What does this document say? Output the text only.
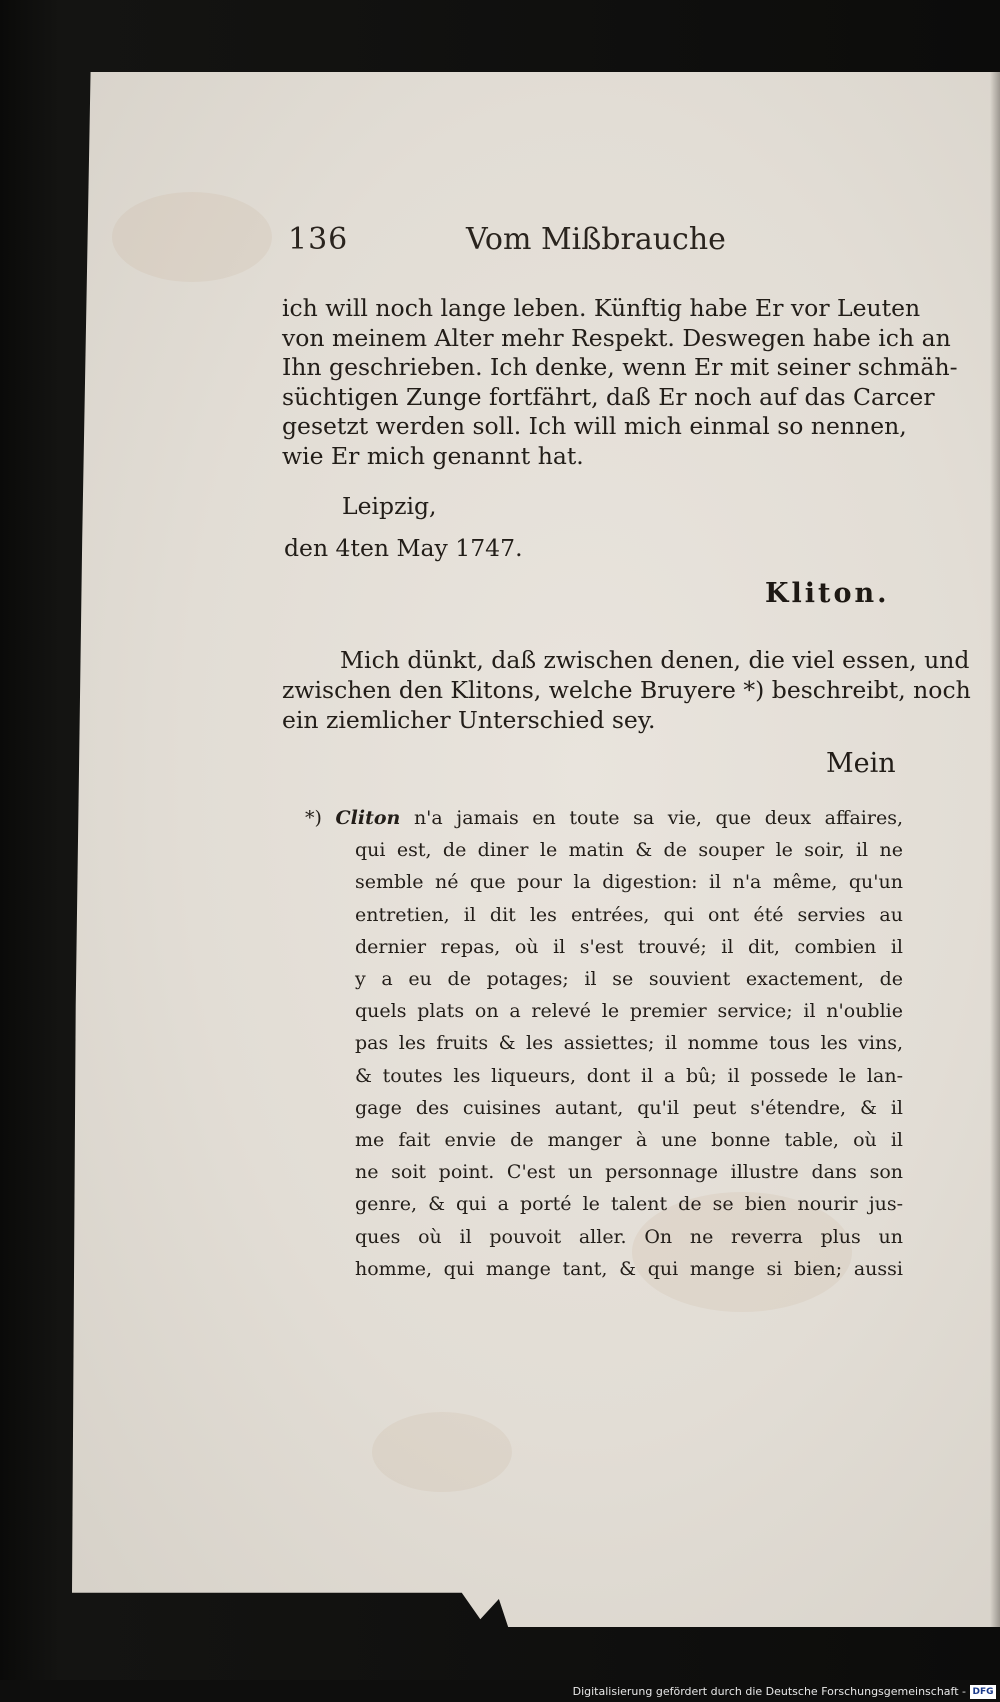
136	Vom Mißbrauche
ich will noch lange leben. Künftig habe Er vor Leuten
von meinem Alter mehr Respekt. Deswegen habe ich an
Ihn geschrieben. Ich denke, wenn Er mit seiner schmäh-
süchtigen Zunge fortfährt, daß Er noch auf das Carcer
gesetzt werden soll. Ich will mich einmal so nennen,
wie Er mich genannt hat.
Leipzig,
den 4ten May 1747.
Kliton.
Mich dünkt, daß zwischen denen, die viel essen, und
zwischen den Klitons, welche Bruyere *) beschreibt, noch
ein ziemlicher Unterschied sey.
Mein
*) Cliton n'a jamais en toute sa vie, que deux affaires,
qui est, de diner le matin & de souper le soir, il ne
semble né que pour la digestion: il n'a même, qu'un
entretien, il dit les entrées, qui ont été servies au
dernier repas, où il s'est trouvé; il dit, combien il
y a eu de potages; il se souvient exactement, de
quels plats on a relevé le premier service; il n'oublie
pas les fruits & les assiettes; il nomme tous les vins,
& toutes les liqueurs, dont il a bû; il possede le lan-
gage des cuisines autant, qu'il peut s'étendre, & il
me fait envie de manger à une bonne table, où il
ne soit point. C'est un personnage illustre dans son
genre, & qui a porté le talent de se bien nourir jus-
ques où il pouvoit aller. On ne reverra plus un
homme, qui mange tant, & qui mange si bien; aussi
Digitalisierung gefördert durch die Deutsche Forschungsgemeinschaft - DFG
